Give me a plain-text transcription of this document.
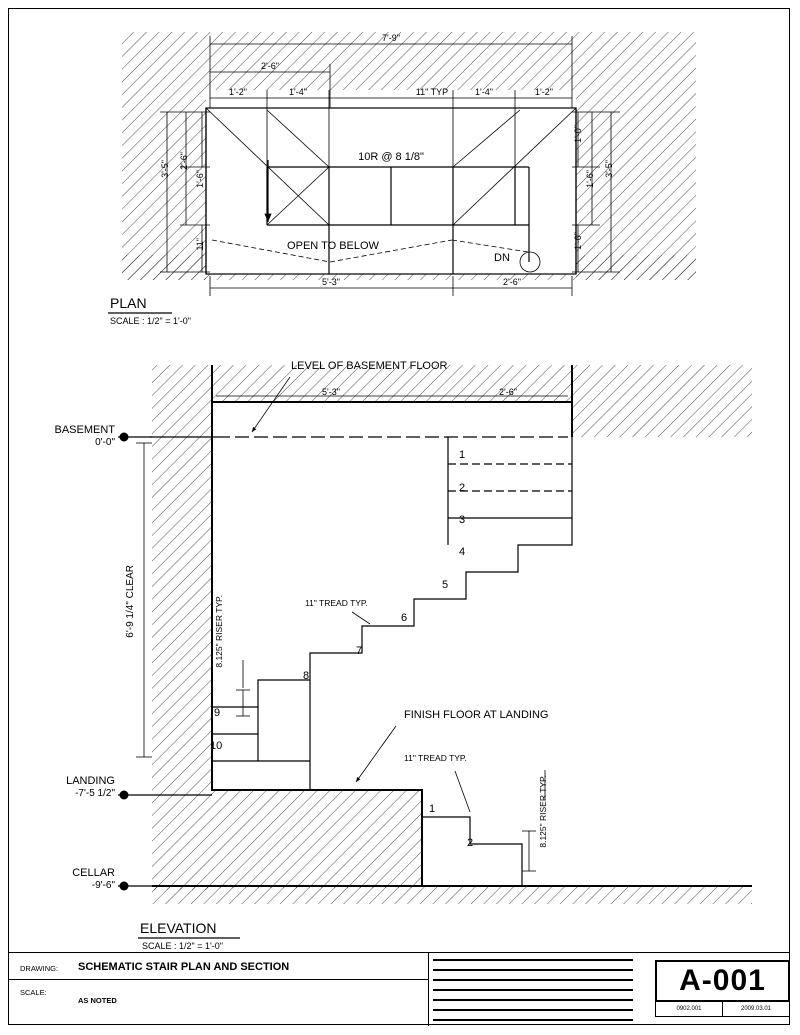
7'-9"
2'-6"
1'-2"	1'-4"	11" TYP	1'-4"	1'-2"
3'-5" 2'-6"
1'-6"
11"
1'-0"
1'-6"
3'-5"
1'-0"
5'-3"	2'-6"
10R @ 8 1/8"
OPEN TO BELOW
DN
PLAN
SCALE : 1/2" = 1'-0"
LEVEL OF BASEMENT FLOOR
FINISH FLOOR AT LANDING
5'-3"	2'-6"
BASEMENT
0'-0"
LANDING
-7'-5 1/2"
CELLAR
-9'-6"
6'-9 1/4" CLEAR	8.125" RISER TYP.
8.125" RISER TYP.
11" TREAD TYP.
11" TREAD TYP.
1
2
3
4
5
6
7
8
9
10
1
2
ELEVATION
SCALE : 1/2" = 1'-0"
DRAWING: SCHEMATIC STAIR PLAN AND SECTION
SCALE:
AS NOTED
A-001
0902.001	2009.03.01
